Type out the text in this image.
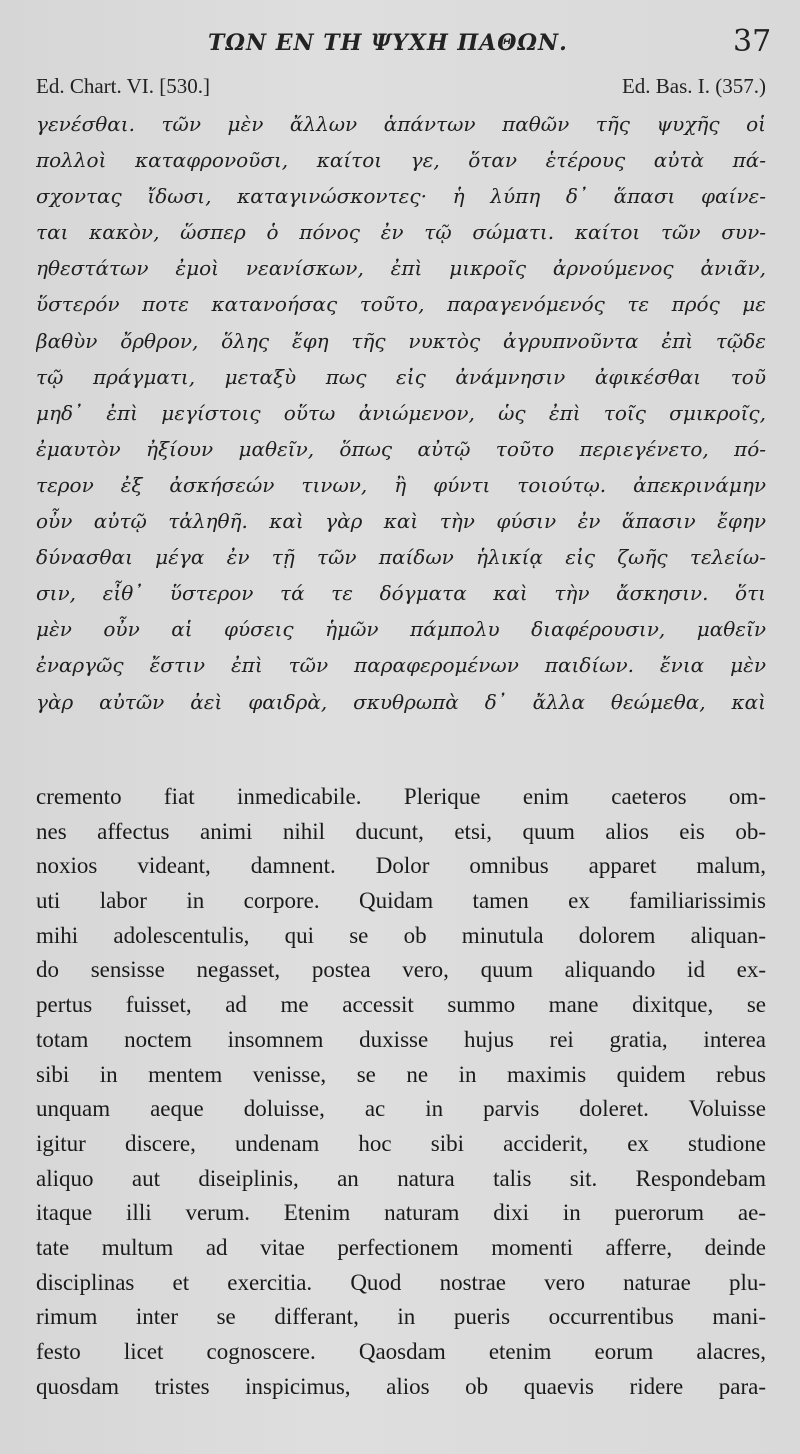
ΤΩΝ ΕΝ ΤΗ ΨΥΧΗ ΠΑΘΩΝ.	37
Ed. Chart. VI. [530.]	Ed. Bas. I. (357.)
γενέσθαι. τῶν μὲν ἄλλων ἁπάντων παθῶν τῆς ψυχῆς οἱ
πολλοὶ καταφρονοῦσι, καίτοι γε, ὅταν ἑτέρους αὐτὰ πά-
σχοντας ἴδωσι, καταγινώσκοντες· ἡ λύπη δ᾽ ἅπασι φαίνε-
ται κακὸν, ὥσπερ ὁ πόνος ἐν τῷ σώματι. καίτοι τῶν συν-
ηθεστάτων ἐμοὶ νεανίσκων, ἐπὶ μικροῖς ἀρνούμενος ἀνιᾶν,
ὕστερόν ποτε κατανοήσας τοῦτο, παραγενόμενός τε πρός με
βαθὺν ὄρθρον, ὅλης ἔφη τῆς νυκτὸς ἀγρυπνοῦντα ἐπὶ τῷδε
τῷ πράγματι, μεταξὺ πως εἰς ἀνάμνησιν ἀφικέσθαι τοῦ
μηδ᾽ ἐπὶ μεγίστοις οὕτω ἀνιώμενον, ὡς ἐπὶ τοῖς σμικροῖς,
ἐμαυτὸν ἠξίουν μαθεῖν, ὅπως αὐτῷ τοῦτο περιεγένετο, πό-
τερον ἐξ ἀσκήσεών τινων, ἢ φύντι τοιούτῳ. ἀπεκρινάμην
οὖν αὐτῷ τἀληθῆ. καὶ γὰρ καὶ τὴν φύσιν ἐν ἅπασιν ἔφην
δύνασθαι μέγα ἐν τῇ τῶν παίδων ἡλικίᾳ εἰς ζωῆς τελείω-
σιν, εἶθ᾽ ὕστερον τά τε δόγματα καὶ τὴν ἄσκησιν. ὅτι
μὲν οὖν αἱ φύσεις ἡμῶν πάμπολυ διαφέρουσιν, μαθεῖν
ἐναργῶς ἔστιν ἐπὶ τῶν παραφερομένων παιδίων. ἔνια μὲν
γὰρ αὐτῶν ἀεὶ φαιδρὰ, σκυθρωπὰ δ᾽ ἄλλα θεώμεθα, καὶ
cremento fiat inmedicabile. Plerique enim caeteros om-
nes affectus animi nihil ducunt, etsi, quum alios eis ob-
noxios videant, damnent. Dolor omnibus apparet malum,
uti labor in corpore. Quidam tamen ex familiarissimis
mihi adolescentulis, qui se ob minutula dolorem aliquan-
do sensisse negasset, postea vero, quum aliquando id ex-
pertus fuisset, ad me accessit summo mane dixitque, se
totam noctem insomnem duxisse hujus rei gratia, interea
sibi in mentem venisse, se ne in maximis quidem rebus
unquam aeque doluisse, ac in parvis doleret. Voluisse
igitur discere, undenam hoc sibi acciderit, ex studione
aliquo aut diseiplinis, an natura talis sit. Respondebam
itaque illi verum. Etenim naturam dixi in puerorum ae-
tate multum ad vitae perfectionem momenti afferre, deinde
disciplinas et exercitia. Quod nostrae vero naturae plu-
rimum inter se differant, in pueris occurrentibus mani-
festo licet cognoscere. Qaosdam etenim eorum alacres,
quosdam tristes inspicimus, alios ob quaevis ridere para-
